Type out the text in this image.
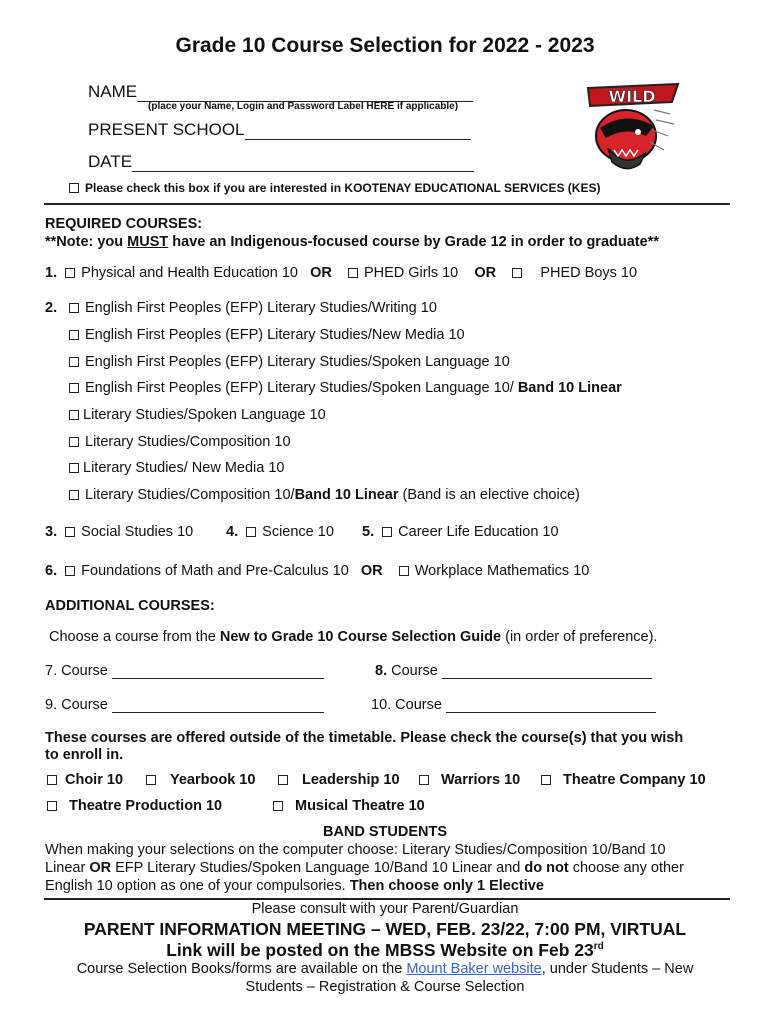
Grade 10 Course Selection for 2022 - 2023
NAME
(place your Name, Login and Password Label HERE if applicable)
PRESENT SCHOOL
DATE
Please check this box if you are interested in KOOTENAY EDUCATIONAL SERVICES (KES)
WILD
REQUIRED COURSES:
**Note: you MUST have an Indigenous-focused course by Grade 12 in order to graduate**
1. Physical and Health Education 10 OR PHED Girls 10 OR	PHED Boys 10
2.	English First Peoples (EFP) Literary Studies/Writing 10
English First Peoples (EFP) Literary Studies/New Media 10
English First Peoples (EFP) Literary Studies/Spoken Language 10
English First Peoples (EFP) Literary Studies/Spoken Language 10/ Band 10 Linear
Literary Studies/Spoken Language 10
Literary Studies/Composition 10
Literary Studies/ New Media 10
Literary Studies/Composition 10/Band 10 Linear (Band is an elective choice)
3. Social Studies 10 4. Science 10 5. Career Life Education 10
6. Foundations of Math and Pre-Calculus 10 OR Workplace Mathematics 10
ADDITIONAL COURSES:
Choose a course from the New to Grade 10 Course Selection Guide (in order of preference).
7. Course	8. Course
9. Course	10. Course
These courses are offered outside of the timetable. Please check the course(s) that you wish
to enroll in.
Choir 10	Yearbook 10	Leadership 10	Warriors 10	Theatre Company 10
Theatre Production 10	Musical Theatre 10
BAND STUDENTS
When making your selections on the computer choose: Literary Studies/Composition 10/Band 10
Linear OR EFP Literary Studies/Spoken Language 10/Band 10 Linear and do not choose any other
English 10 option as one of your compulsories. Then choose only 1 Elective
Please consult with your Parent/Guardian
PARENT INFORMATION MEETING – WED, FEB. 23/22, 7:00 PM, VIRTUAL
Link will be posted on the MBSS Website on Feb 23rd
Course Selection Books/forms are available on the Mount Baker website, under Students – New
Students – Registration & Course Selection
